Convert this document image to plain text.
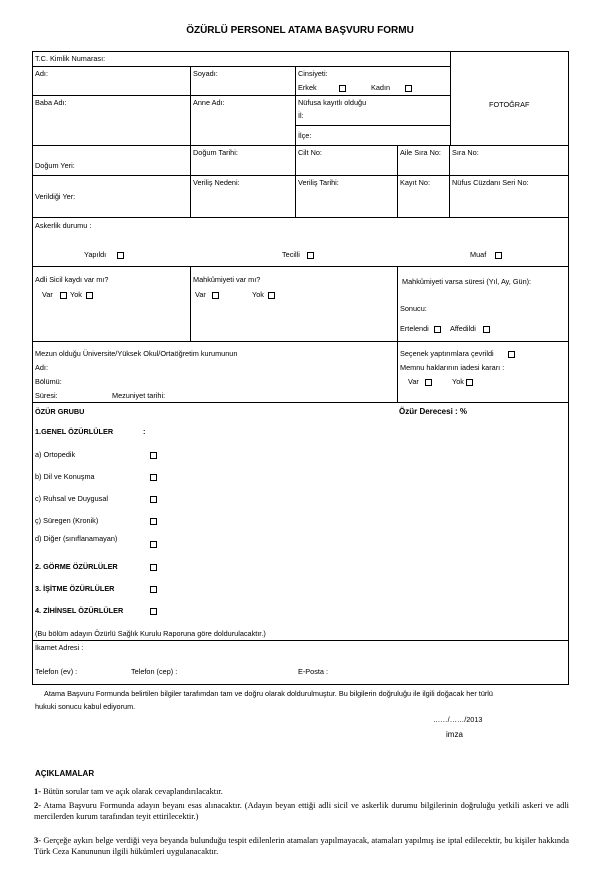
ÖZÜRLÜ PERSONEL ATAMA BAŞVURU FORMU
T.C. Kimlik Numarası:
Adı:	Soyadı:	Cinsiyeti:
Erkek	Kadın
FOTOĞRAF
Baba Adı:	Anne Adı:	Nüfusa kayıtlı olduğu
İl:
İlçe:
Doğum Tarihi:	Cilt No:	Aile Sıra No: Sıra No:
Doğum Yeri:
Veriliş Nedeni:	Veriliş Tarihi:	Kayıt No:	Nüfus Cüzdanı Seri No:
Verildiği Yer:
Askerlik durumu :
Yapıldı	Tecilli	Muaf
Adli Sicil kaydı var mı?
Var Yok
Mahkûmiyeti var mı?
Var	Yok
Mahkûmiyeti varsa süresi (Yıl, Ay, Gün):
Sonucu:
Ertelendi	Affedildi
Mezun olduğu Üniversite/Yüksek Okul/Ortaöğretim kurumunun
Adı:
Bölümü:
Süresi:	Mezuniyet tarihi:
Seçenek yaptırımlara çevrildi
Memnu haklarının iadesi kararı :
Var	Yok
ÖZÜR GRUBU	Özür Derecesi : %
1.GENEL ÖZÜRLÜLER	:
a) Ortopedik
b) Dil ve Konuşma
c) Ruhsal ve Duygusal
ç) Süregen (Kronik)
d) Diğer (sınıflanamayan)
2. GÖRME ÖZÜRLÜLER
3. İŞİTME ÖZÜRLÜLER
4. ZİHİNSEL ÖZÜRLÜLER
(Bu bölüm adayın Özürlü Sağlık Kurulu Raporuna göre doldurulacaktır.)
İkamet Adresi :
Telefon (ev) :	Telefon (cep) :	E-Posta :
Atama Başvuru Formunda belirtilen bilgiler tarafımdan tam ve doğru olarak doldurulmuştur. Bu bilgilerin doğruluğu ile ilgili doğacak her türlü
hukuki sonucu kabul ediyorum.
……/……/2013
imza
AÇIKLAMALAR
1- Bütün sorular tam ve açık olarak cevaplandırılacaktır.
2- Atama Başvuru Formunda adayın beyanı esas alınacaktır. (Adayın beyan ettiği adli sicil ve askerlik durumu bilgilerinin doğruluğu yetkili askeri ve adli mercilerden kurum tarafından teyit ettirilecektir.)
3- Gerçeğe aykırı belge verdiği veya beyanda bulunduğu tespit edilenlerin atamaları yapılmayacak, atamaları yapılmış ise iptal edilecektir, bu kişiler hakkında Türk Ceza Kanununun ilgili hükümleri uygulanacaktır.
